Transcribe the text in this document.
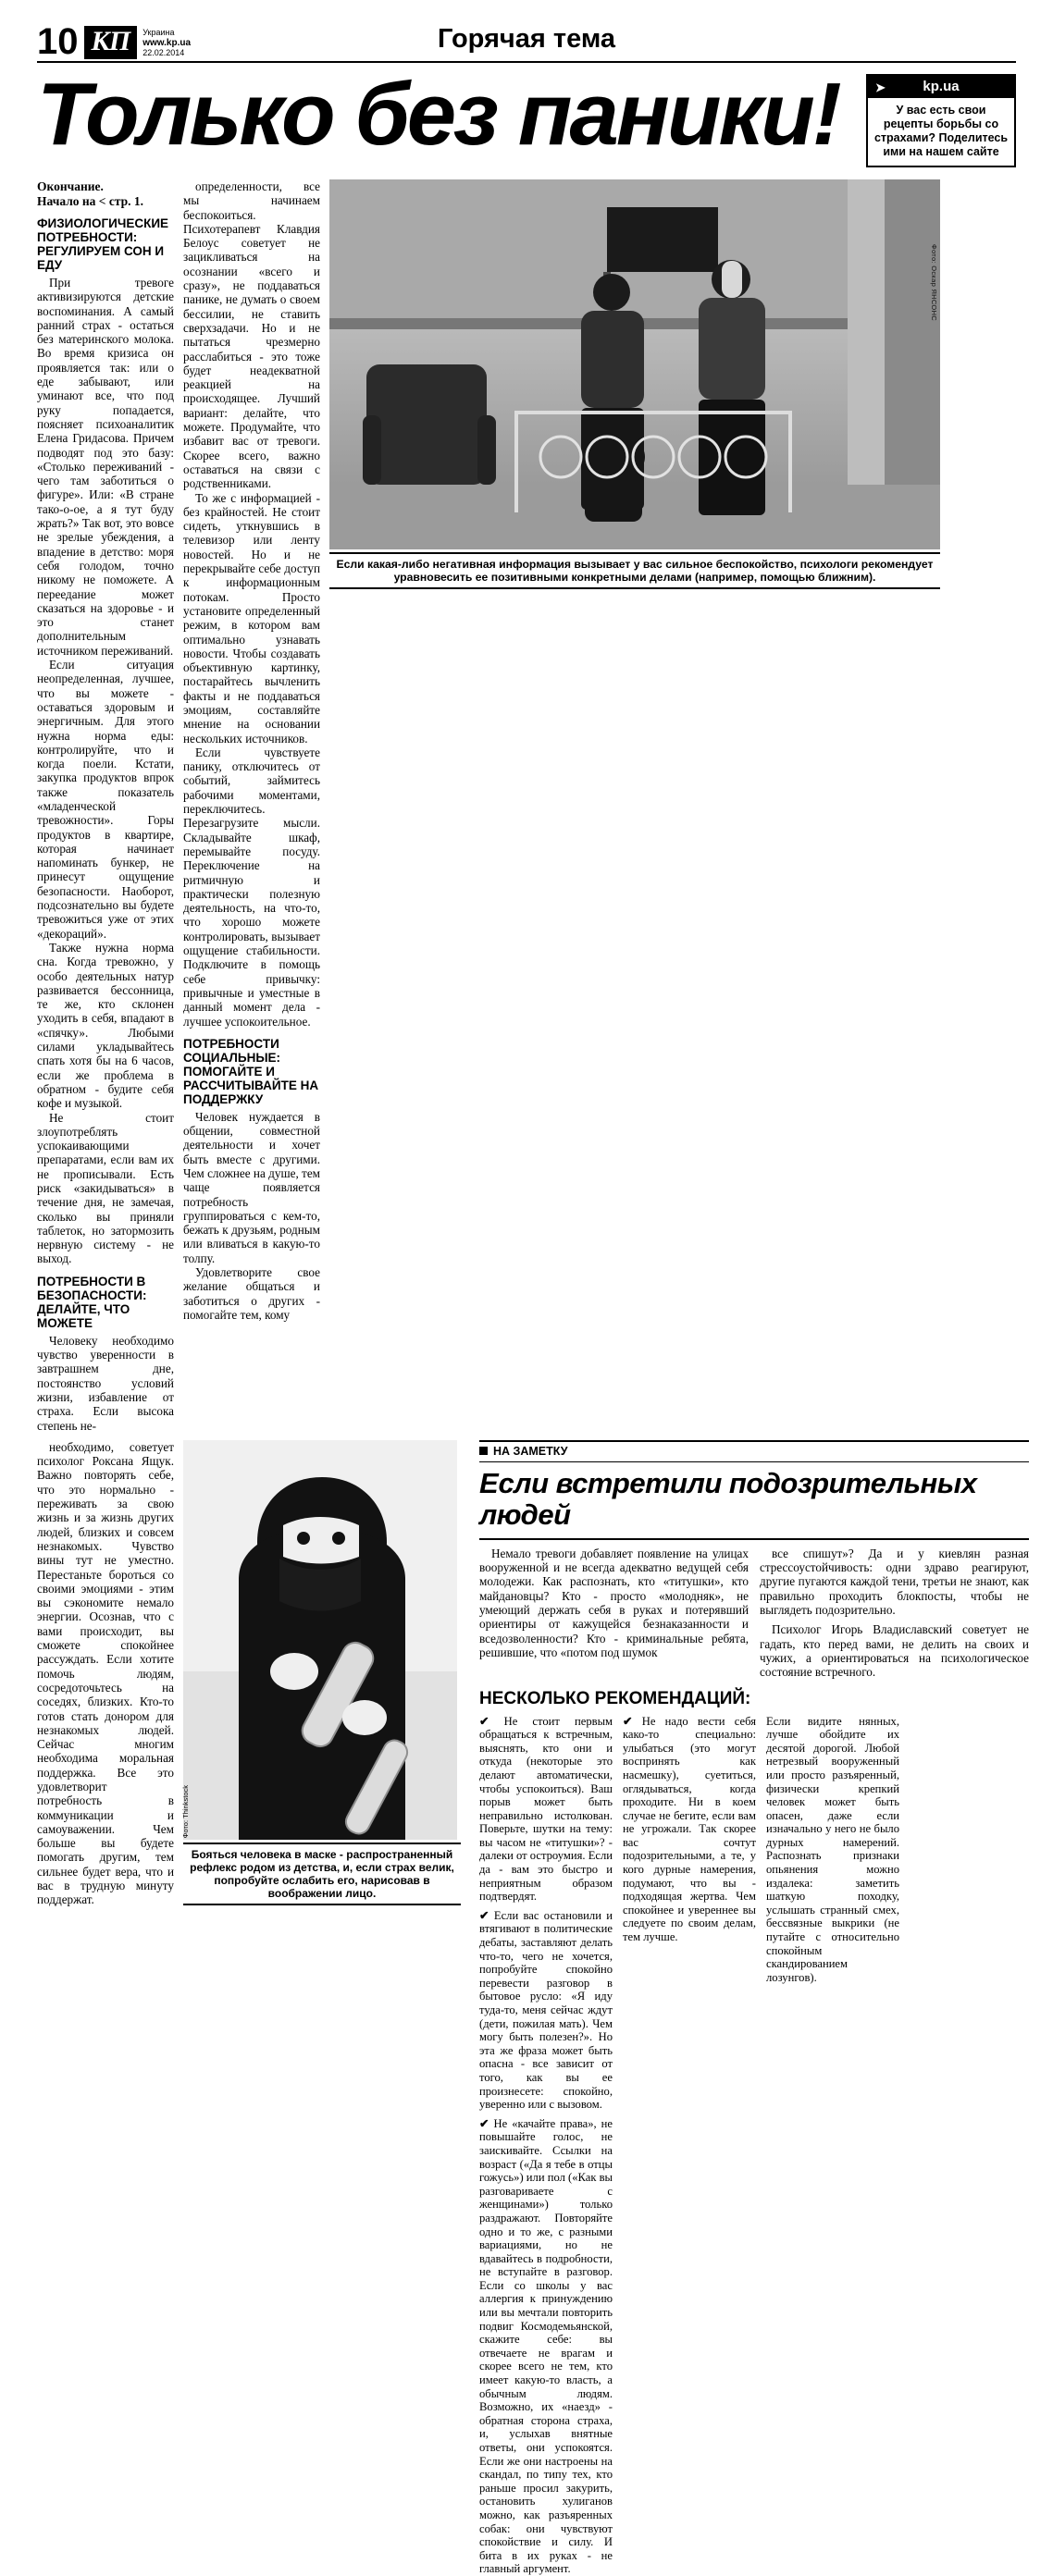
10 КП	Украина
www.kp.ua
22.02.2014	Горячая тема
Только без паники!	➤	kp.ua
У вас есть свои рецепты борьбы со страхами? Поделитесь ими на нашем сайте
Окончание.
Начало на < стр. 1.
ФИЗИОЛОГИЧЕСКИЕ ПОТРЕБНОСТИ: РЕГУЛИРУЕМ СОН И ЕДУ

При тревоге активизируются детские воспоминания. А самый ранний страх - остаться без материнского молока. Во время кризиса он проявляется так: или о еде забывают, или уминают все, что под руку попадается, поясняет психоаналитик Елена Гридасова. Причем подводят под это базу: «Столько переживаний - чего там заботиться о фигуре». Или: «В стране тако-о-ое, а я тут буду жрать?» Так вот, это вовсе не зрелые убеждения, а впадение в детство: моря себя голодом, точно никому не поможете. А переедание может сказаться на здоровье - и это станет дополнительным источником переживаний.

Если ситуация неопределенная, лучшее, что вы можете - оставаться здоровым и энергичным. Для этого нужна норма еды: контролируйте, что и когда поели. Кстати, закупка продуктов впрок также показатель «младенческой тревожности». Горы продуктов в квартире, которая начинает напоминать бункер, не принесут ощущение безопасности. Наоборот, подсознательно вы будете тревожиться уже от этих «декораций».

Также нужна норма сна. Когда тревожно, у особо деятельных натур развивается бессонница, те же, кто склонен уходить в себя, впадают в «спячку». Любыми силами укладывайтесь спать хотя бы на 6 часов, если же проблема в обратном - будите себя кофе и музыкой.

Не стоит злоупотреблять успокаивающими препаратами, если вам их не прописывали. Есть риск «закидываться» в течение дня, не замечая, сколько вы приняли таблеток, но затормозить нервную систему - не выход.

ПОТРЕБНОСТИ В БЕЗОПАСНОСТИ: ДЕЛАЙТЕ, ЧТО МОЖЕТЕ

Человеку необходимо чувство уверенности в завтрашнем дне, постоянство условий жизни, избавление от страха. Если высока степень не-

определенности, все мы начинаем беспокоиться. Психотерапевт Клавдия Белоус советует не зацикливаться на осознании «всего и сразу», не поддаваться панике, не думать о своем бессилии, не ставить сверхзадачи. Но и не пытаться чрезмерно расслабиться - это тоже будет неадекватной реакцией на происходящее. Лучший вариант: делайте, что можете. Продумайте, что избавит вас от тревоги. Скорее всего, важно оставаться на связи с родственниками.

То же с информацией - без крайностей. Не стоит сидеть, уткнувшись в телевизор или ленту новостей. Но и не перекрывайте себе доступ к информационным потокам. Просто установите определенный режим, в котором вам оптимально узнавать новости. Чтобы создавать объективную картинку, постарайтесь вычленить факты и не поддаваться эмоциям, составляйте мнение на основании нескольких источников.

Если чувствуете панику, отключитесь от событий, займитесь рабочими моментами, переключитесь. Перезагрузите мысли. Складывайте шкаф, перемывайте посуду. Переключение на ритмичную и практически полезную деятельность, на что-то, что хорошо можете контролировать, вызывает ощущение стабильности. Подключите в помощь себе привычку: привычные и уместные в данный момент дела - лучшее успокоительное.

ПОТРЕБНОСТИ СОЦИАЛЬНЫЕ: ПОМОГАЙТЕ И РАССЧИТЫВАЙТЕ НА ПОДДЕРЖКУ

Человек нуждается в общении, совместной деятельности и хочет быть вместе с другими. Чем сложнее на душе, тем чаще появляется потребность группироваться с кем-то, бежать к друзьям, родным или вливаться в какую-то толпу.

Удовлетворите свое желание общаться и заботиться о других - помогайте тем, кому

Фото: Оскар ЯНСОНС
Если какая-либо негативная информация вызывает у вас сильное беспокойство, психологи рекомендует уравновесить ее позитивными конкретными делами (например, помощью ближним).

необходимо, советует психолог Роксана Ящук. Важно повторять себе, что это нормально - переживать за свою жизнь и за жизнь других людей, близких и совсем незнакомых. Чувство вины тут не уместно. Перестаньте бороться со своими эмоциями - этим вы сэкономите немало энергии. Осознав, что с вами происходит, вы сможете спокойнее рассуждать. Если хотите помочь людям, сосредоточьтесь на соседях, близких. Кто-то готов стать донором для незнакомых людей. Сейчас многим необходима моральная поддержка. Все это удовлетворит потребность в коммуникации и самоуважении. Чем больше вы будете помогать другим, тем сильнее будет вера, что и вас в трудную минуту поддержат.

Фото: Thinkstock
Бояться человека в маске - распространенный рефлекс родом из детства, и, если страх велик, попробуйте ослабить его, нарисовав в воображении лицо.
НА ЗАМЕТКУ
Если встретили подозрительных людей

Немало тревоги добавляет появление на улицах вооруженной и не всегда адекватно ведущей себя молодежи. Как распознать, кто «титушки», кто майдановцы? Кто - просто «молодняк», не умеющий держать себя в руках и потерявший ориентиры от кажущейся безнаказанности и вседозволенности? Кто - криминальные ребята, решившие, что «потом под шумок

все спишут»? Да и у киевлян разная стрессоустойчивость: одни здраво реагируют, другие пугаются каждой тени, третьи не знают, как правильно проходить блокпосты, чтобы не выглядеть подозрительно.

Психолог Игорь Владиславский советует не гадать, кто перед вами, не делить на своих и чужих, а ориентироваться на психологическое состояние встречного.

НЕСКОЛЬКО РЕКОМЕНДАЦИЙ:

✔ Не стоит первым обращаться к встречным, выяснять, кто они и откуда (некоторые это делают автоматически, чтобы успокоиться). Ваш порыв может быть неправильно истолкован. Поверьте, шутки на тему: вы часом не «титушки»? - далеки от остроумия. Если да - вам это быстро и неприятным образом подтвердят.

✔ Если вас остановили и втягивают в политические дебаты, заставляют делать что-то, чего не хочется, попробуйте спокойно перевести разговор в бытовое русло: «Я иду туда-то, меня сейчас ждут (дети, пожилая мать). Чем могу быть полезен?». Но эта же фраза может быть опасна - все зависит от того, как вы ее произнесете: спокойно, уверенно или с вызовом.

✔ Не «качайте права», не повышайте голос, не заискивайте. Ссылки на возраст («Да я тебе в отцы гожусь») или пол («Как вы разговариваете с женщинами») только раздражают. Повторяйте одно и то же, с разными вариациями, но не вдавайтесь в подробности, не вступайте в разговор. Если со школы у вас аллергия к принуждению или вы мечтали повторить подвиг Космодемьянской, скажите себе: вы отвечаете не врагам и скорее всего не тем, кто имеет какую-то власть, а обычным людям. Возможно, их «наезд» - обратная сторона страха, и, услыхав внятные ответы, они успокоятся. Если же они настроены на скандал, по типу тех, кто раньше просил закурить, остановить хулиганов можно, как разъяренных собак: они чувствуют спокойствие и силу. И бита в их руках - не главный аргумент.

✔ Не надо вести себя како-то специально: улыбаться (это могут воспринять как насмешку), суетиться, оглядываться, когда проходите. Ни в коем случае не бегите, если вам не угрожали. Так скорее вас сочтут подозрительными, а те, у кого дурные намерения, подумают, что вы - подходящая жертва. Чем спокойнее и увереннее вы следуете по своим делам, тем лучше.

Если видите нянных, лучше обойдите их десятой дорогой. Любой нетрезвый вооруженный или просто разъяренный, физически крепкий человек может быть опасен, даже если изначально у него не было дурных намерений. Распознать признаки опьянения можно издалека: заметить шаткую походку, услышать странный смех, бессвязные выкрики (не путайте с относительно спокойным скандированием лозунгов).
